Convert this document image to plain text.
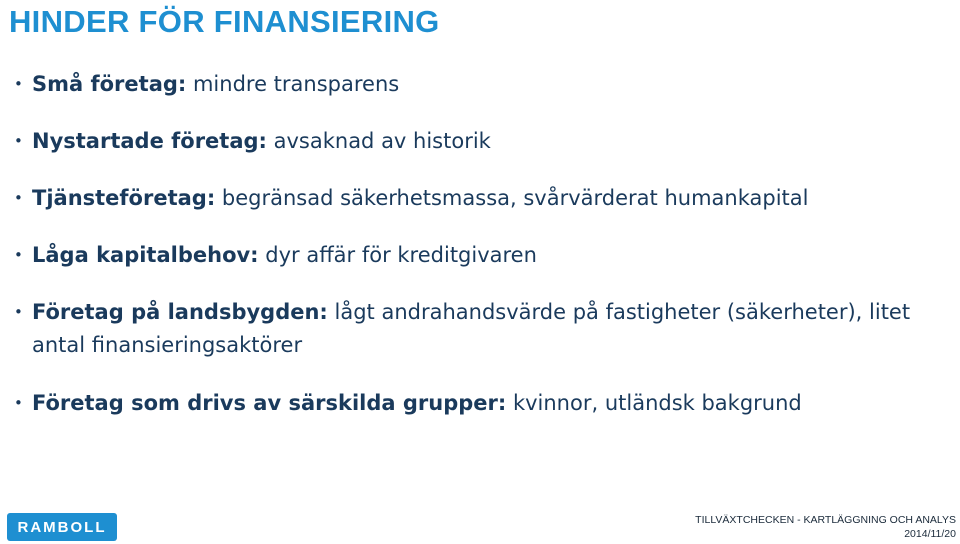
HINDER FÖR FINANSIERING
• Små företag: mindre transparens
• Nystartade företag: avsaknad av historik
• Tjänsteföretag: begränsad säkerhetsmassa, svårvärderat humankapital
• Låga kapitalbehov: dyr affär för kreditgivaren
• Företag på landsbygden: lågt andrahandsvärde på fastigheter (säkerheter), litet antal finansieringsaktörer
• Företag som drivs av särskilda grupper: kvinnor, utländsk bakgrund
RAMBOLL	TILLVÄXTCHECKEN - KARTLÄGGNING OCH ANALYS
2014/11/20
